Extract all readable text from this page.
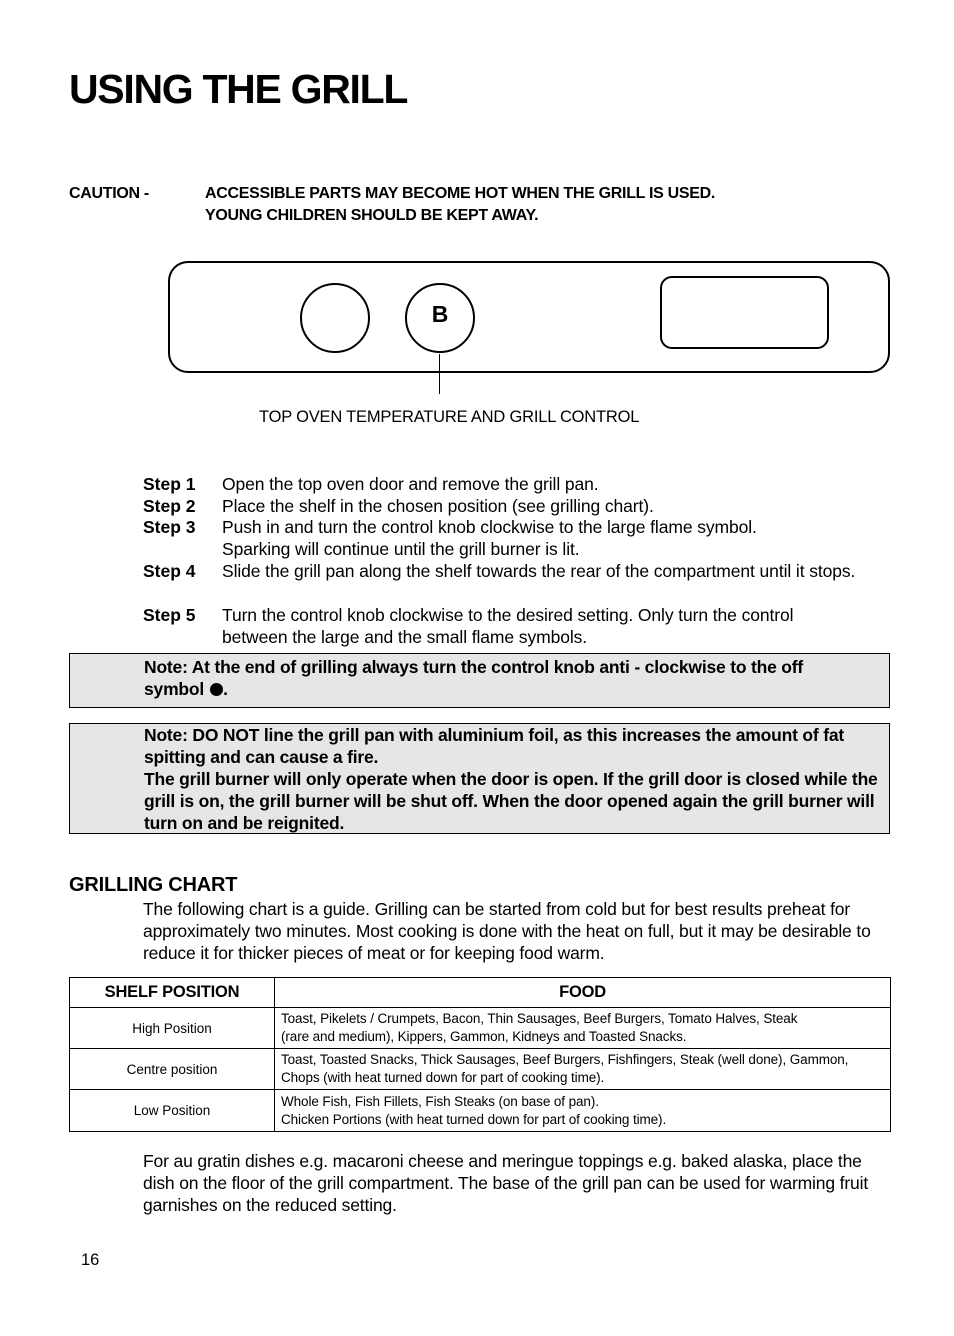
USING THE GRILL
CAUTION -	ACCESSIBLE PARTS MAY BECOME HOT WHEN THE GRILL IS USED.
YOUNG CHILDREN SHOULD BE KEPT AWAY.
B
TOP OVEN TEMPERATURE AND GRILL CONTROL
Step 1 Open the top oven door and remove the grill pan.
Step 2 Place the shelf in the chosen position (see grilling chart).
Step 3 Push in and turn the control knob clockwise to the large flame symbol. Sparking will continue until the grill burner is lit.
Step 4 Slide the grill pan along the shelf towards the rear of the compartment until it stops.
Step 5 Turn the control knob clockwise to the desired setting. Only turn the control between the large and the small flame symbols.
Note: At the end of grilling always turn the control knob anti - clockwise to the off symbol .
Note: DO NOT line the grill pan with aluminium foil, as this increases the amount of fat spitting and can cause a fire.
The grill burner will only operate when the door is open. If the grill door is closed while the grill is on, the grill burner will be shut off. When the door opened again the grill burner will turn on and be reignited.
GRILLING CHART
The following chart is a guide. Grilling can be started from cold but for best results preheat for approximately two minutes. Most cooking is done with the heat on full, but it may be desirable to reduce it for thicker pieces of meat or for keeping food warm.
SHELF POSITION	FOOD
High Position	Toast, Pikelets / Crumpets, Bacon, Thin Sausages, Beef Burgers, Tomato Halves, Steak
(rare and medium), Kippers, Gammon, Kidneys and Toasted Snacks.

Centre position	Toast, Toasted Snacks, Thick Sausages, Beef Burgers, Fishfingers, Steak (well done), Gammon,
Chops (with heat turned down for part of cooking time).

Low Position	Whole Fish, Fish Fillets, Fish Steaks (on base of pan).
Chicken Portions (with heat turned down for part of cooking time).
For au gratin dishes e.g. macaroni cheese and meringue toppings e.g. baked alaska, place the dish on the floor of the grill compartment. The base of the grill pan can be used for warming fruit garnishes on the reduced setting.
16
